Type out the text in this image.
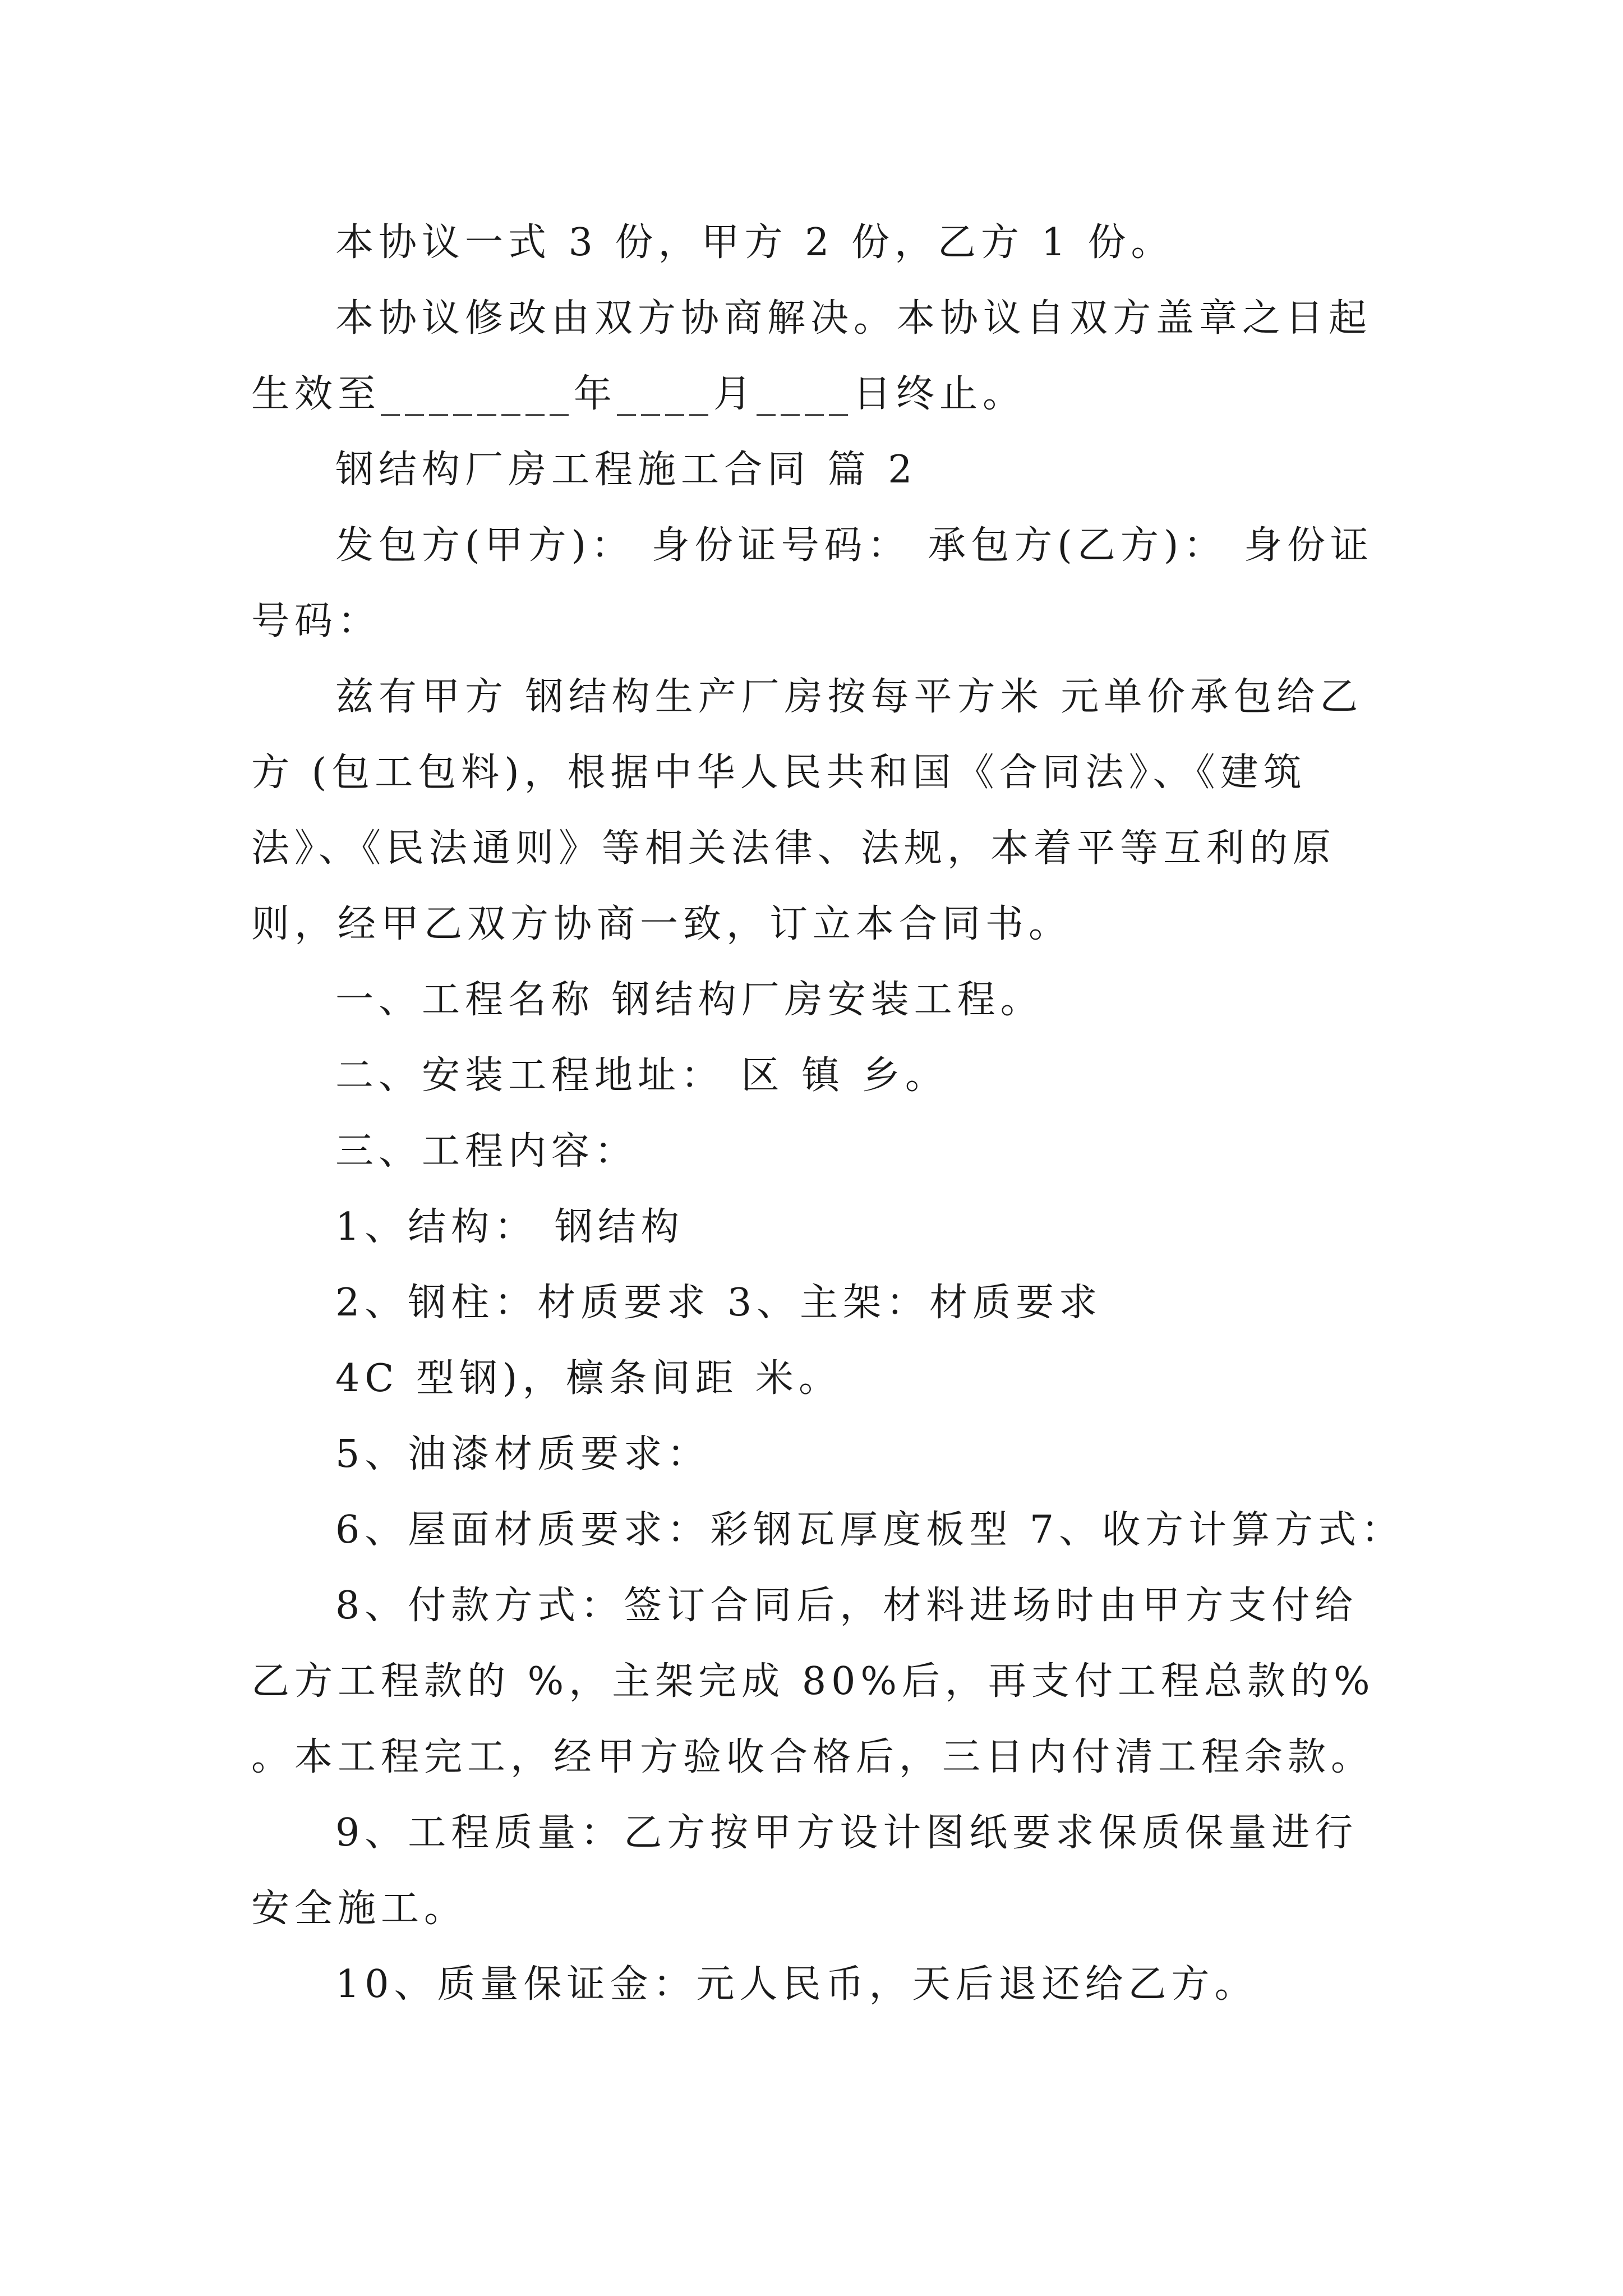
本协议一式 3 份，甲方 2 份，乙方 1 份。

本协议修改由双方协商解决。本协议自双方盖章之日起生效至________年____月____日终止。

钢结构厂房工程施工合同 篇 2

发包方(甲方)： 身份证号码： 承包方(乙方)： 身份证号码：

兹有甲方 钢结构生产厂房按每平方米 元单价承包给乙方 (包工包料)，根据中华人民共和国《合同法》、《建筑法》、《民法通则》等相关法律、法规，本着平等互利的原则，经甲乙双方协商一致，订立本合同书。

一、工程名称 钢结构厂房安装工程。

二、安装工程地址： 区 镇 乡。

三、工程内容：

1、结构： 钢结构

2、钢柱：材质要求 3、主架：材质要求

4C 型钢)，檩条间距 米。

5、油漆材质要求：

6、屋面材质要求：彩钢瓦厚度板型 7、收方计算方式：

8、付款方式：签订合同后，材料进场时由甲方支付给乙方工程款的 %，主架完成 80%后，再支付工程总款的% 。本工程完工，经甲方验收合格后，三日内付清工程余款。

9、工程质量：乙方按甲方设计图纸要求保质保量进行安全施工。

10、质量保证金：元人民币，天后退还给乙方。
